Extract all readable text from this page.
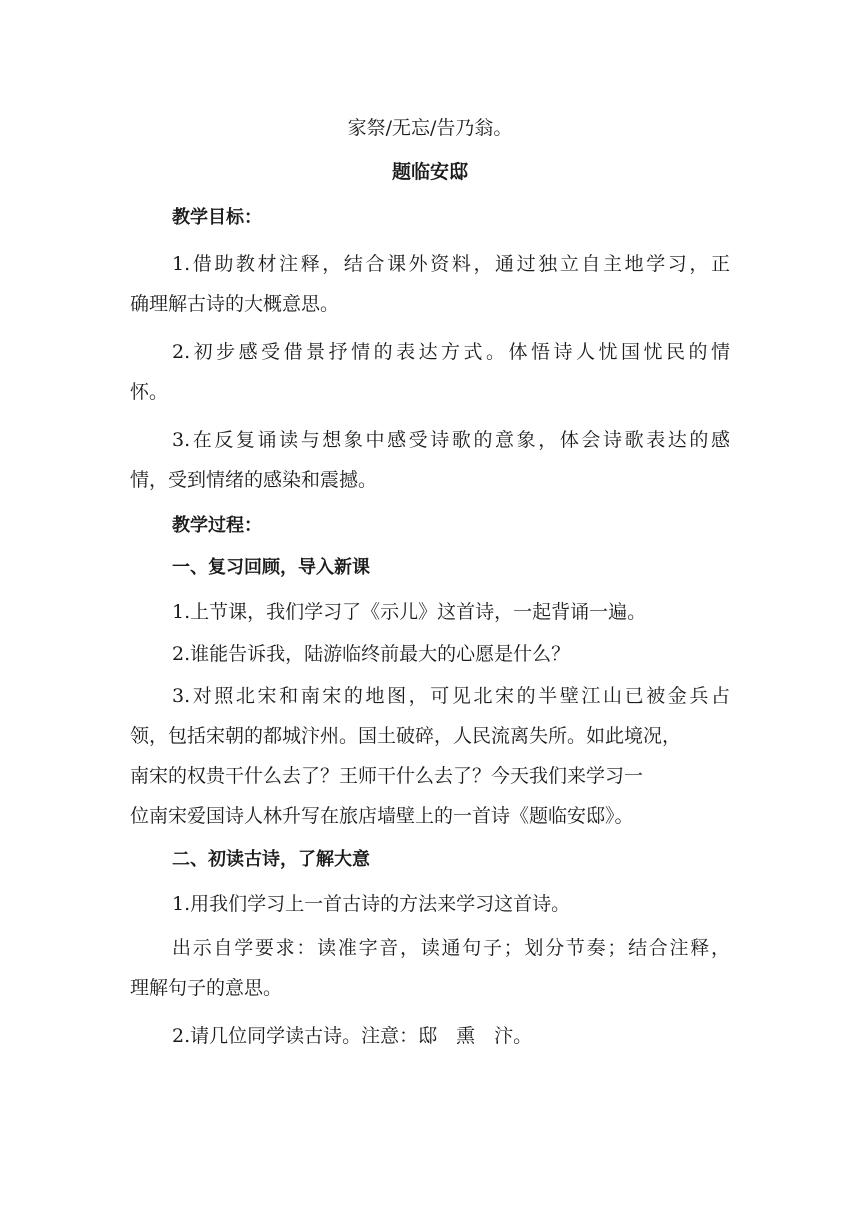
家祭/无忘/告乃翁。

题临安邸

教学目标：

1.借助教材注释，结合课外资料，通过独立自主地学习，正
确理解古诗的大概意思。
2.初步感受借景抒情的表达方式。体悟诗人忧国忧民的情
怀。
3.在反复诵读与想象中感受诗歌的意象，体会诗歌表达的感
情，受到情绪的感染和震撼。

教学过程：

一、复习回顾，导入新课

1.上节课，我们学习了《示儿》这首诗，一起背诵一遍。

2.谁能告诉我，陆游临终前最大的心愿是什么？

3.对照北宋和南宋的地图，可见北宋的半壁江山已被金兵占
领，包括宋朝的都城汴州。国土破碎，人民流离失所。如此境况，
南宋的权贵干什么去了？王师干什么去了？今天我们来学习一
位南宋爱国诗人林升写在旅店墙壁上的一首诗《题临安邸》。

二、初读古诗，了解大意

1.用我们学习上一首古诗的方法来学习这首诗。

出示自学要求：读准字音，读通句子；划分节奏；结合注释，
理解句子的意思。

2.请几位同学读古诗。注意：邸　熏　汴。
